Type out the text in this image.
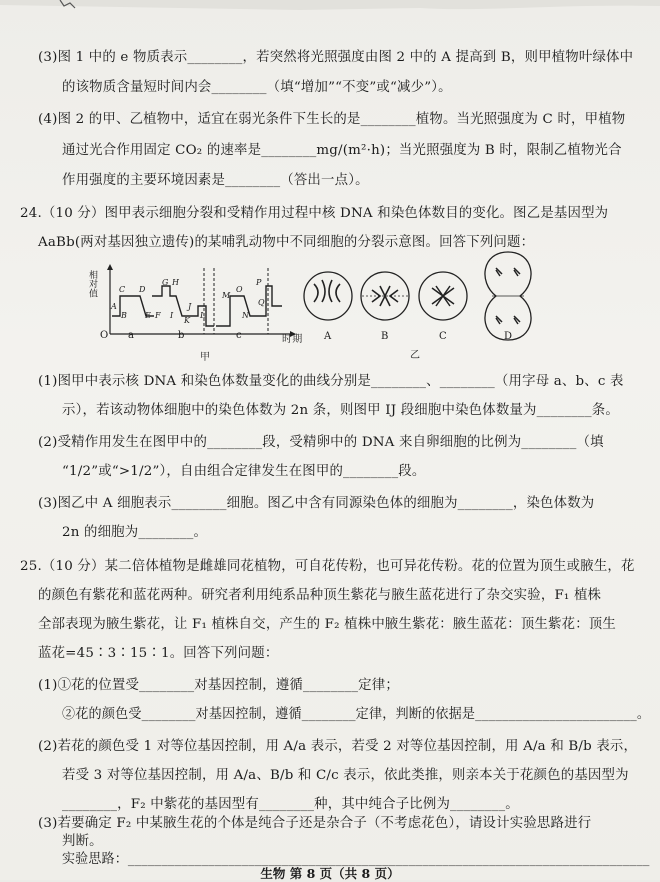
(3)图 1 中的 e 物质表示________，若突然将光照强度由图 2 中的 A 提高到 B，则甲植物叶绿体中
的该物质含量短时间内会________（填“增加”“不变”或“减少”）。
(4)图 2 的甲、乙植物中，适宜在弱光条件下生长的是________植物。当光照强度为 C 时，甲植物
通过光合作用固定 CO₂ 的速率是________mg/(m²·h)；当光照强度为 B 时，限制乙植物光合
作用强度的主要环境因素是________（答出一点）。
24.（10 分）图甲表示细胞分裂和受精作用过程中核 DNA 和染色体数目的变化。图乙是基因型为
AaBb(两对基因独立遗传)的某哺乳动物中不同细胞的分裂示意图。回答下列问题：
相对值
O a	b	c	时期
甲
A
B
C D
E F
G H
I
J
K
L
M
N
O
P
Q
A	B	C	D
乙
(1)图甲中表示核 DNA 和染色体数量变化的曲线分别是________、________（用字母 a、b、c 表
示），若该动物体细胞中的染色体数为 2n 条，则图甲 IJ 段细胞中染色体数量为________条。
(2)受精作用发生在图甲中的________段，受精卵中的 DNA 来自卵细胞的比例为________（填
“1/2”或“>1/2”），自由组合定律发生在图甲的________段。
(3)图乙中 A 细胞表示________细胞。图乙中含有同源染色体的细胞为________，染色体数为
2n 的细胞为________。
25.（10 分）某二倍体植物是雌雄同花植物，可自花传粉，也可异花传粉。花的位置为顶生或腋生，花
的颜色有紫花和蓝花两种。研究者利用纯系品种顶生紫花与腋生蓝花进行了杂交实验，F₁ 植株
全部表现为腋生紫花，让 F₁ 植株自交，产生的 F₂ 植株中腋生紫花：腋生蓝花：顶生紫花：顶生
蓝花=45∶3∶15∶1。回答下列问题：
(1)①花的位置受________对基因控制，遵循________定律；
②花的颜色受________对基因控制，遵循________定律，判断的依据是________________________。
(2)若花的颜色受 1 对等位基因控制，用 A/a 表示，若受 2 对等位基因控制，用 A/a 和 B/b 表示，
若受 3 对等位基因控制，用 A/a、B/b 和 C/c 表示，依此类推，则亲本关于花颜色的基因型为
________，F₂ 中紫花的基因型有________种，其中纯合子比例为________。
(3)若要确定 F₂ 中某腋生花的个体是纯合子还是杂合子（不考虑花色），请设计实验思路进行
判断。
实验思路：______________________________________________________________________________
生物 第 8 页（共 8 页）
